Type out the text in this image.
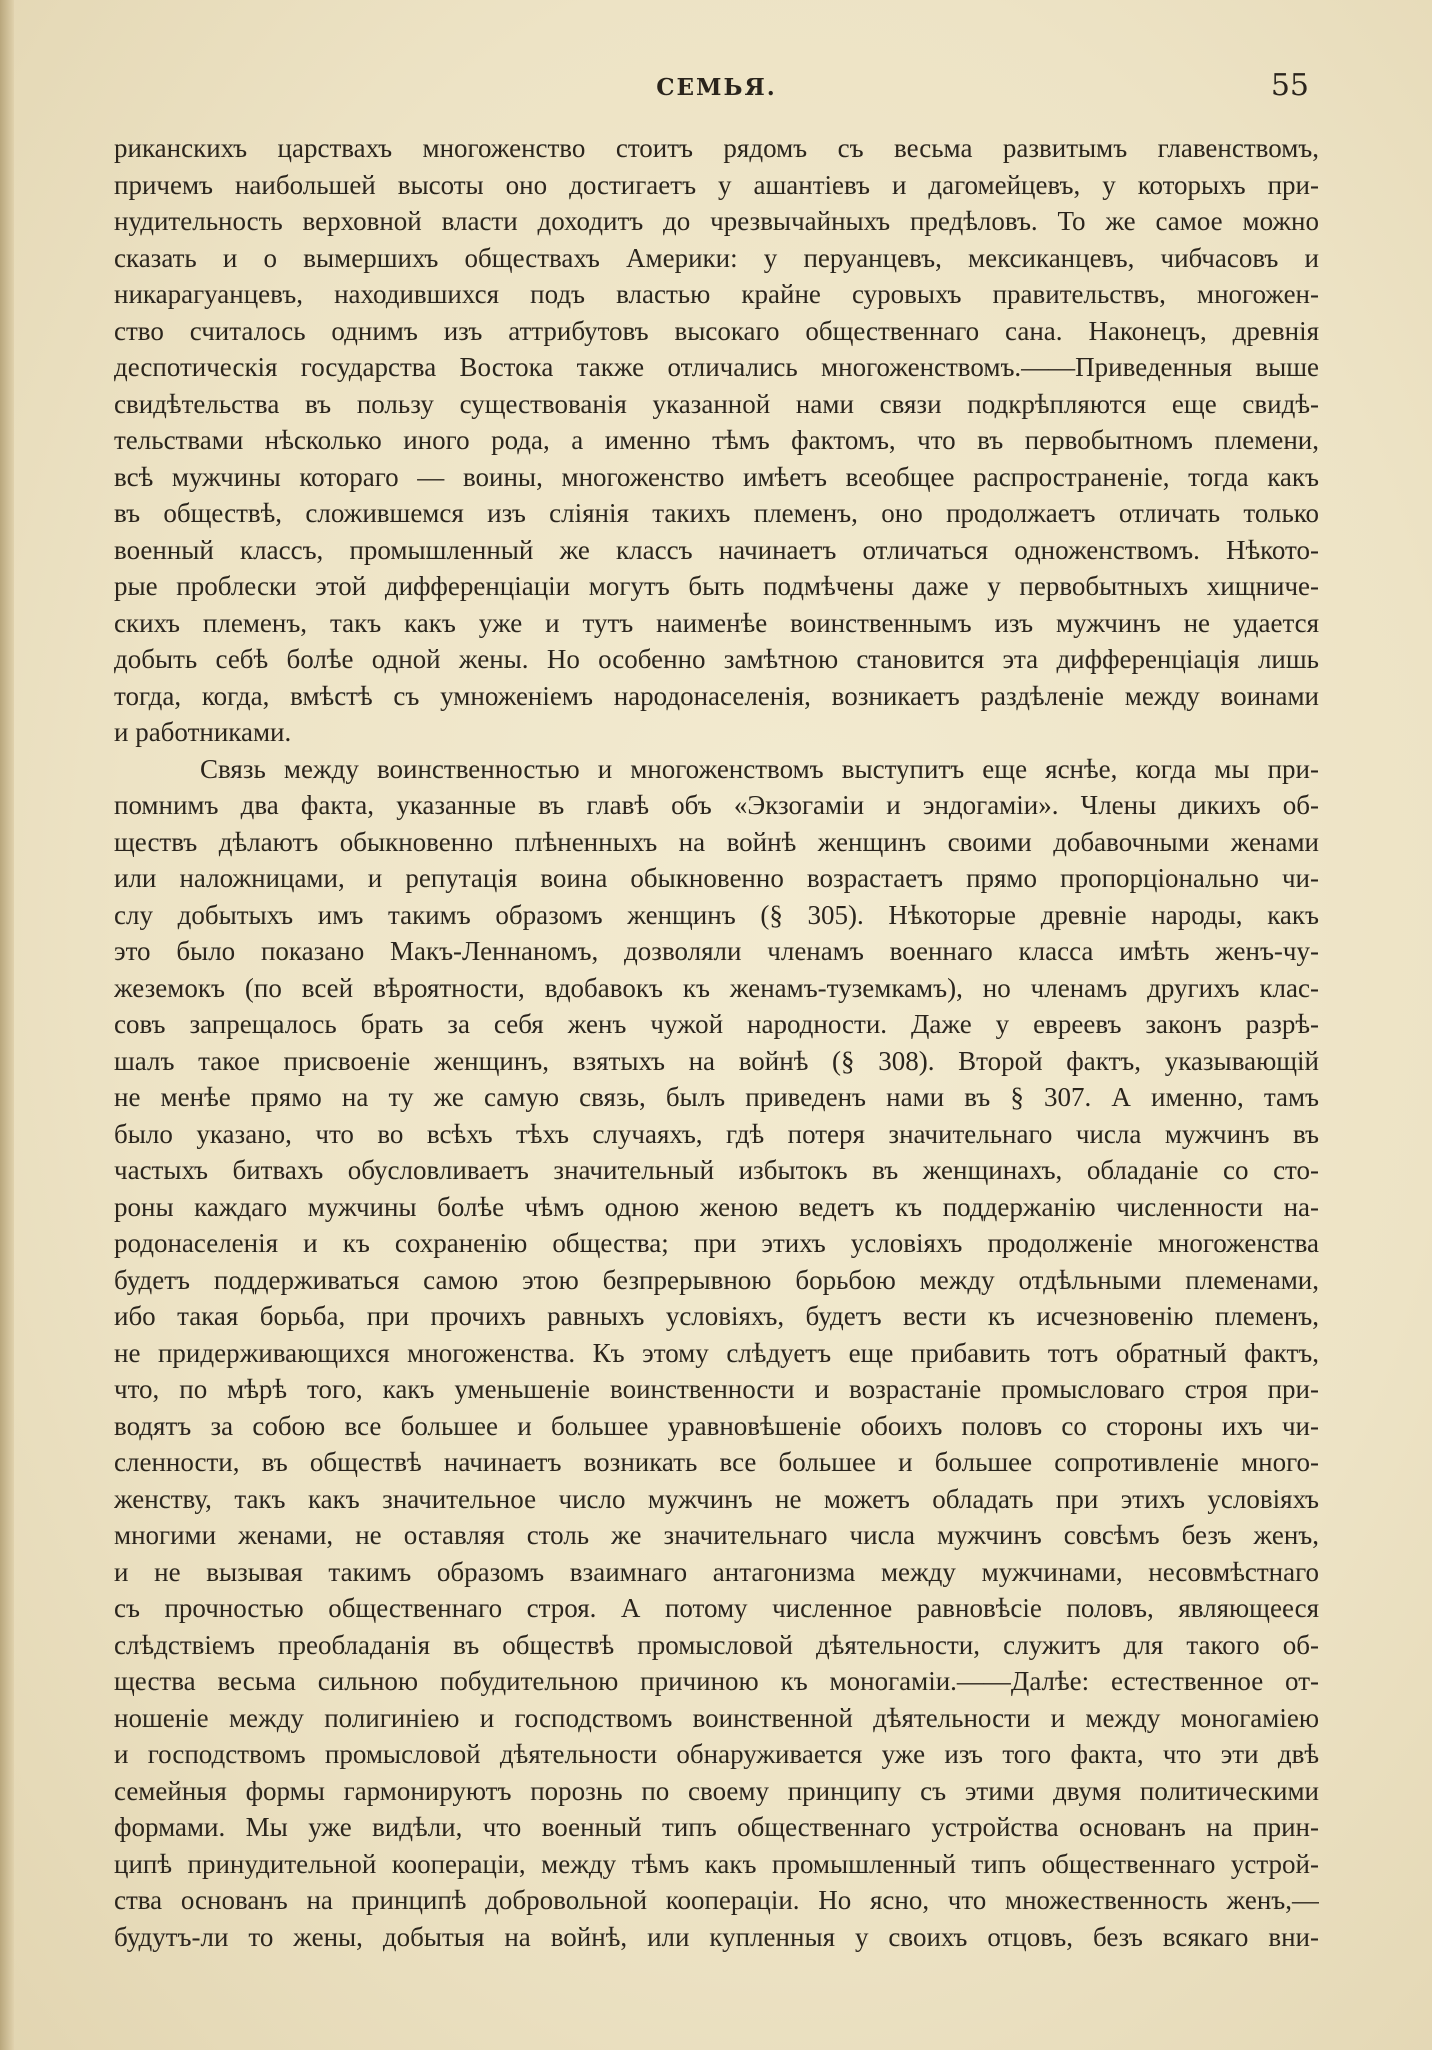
СЕМЬЯ.	55
риканскихъ царствахъ многоженство стоитъ рядомъ съ весьма развитымъ главенствомъ,
причемъ наибольшей высоты оно достигаетъ у ашантіевъ и дагомейцевъ, у которыхъ при-
нудительность верховной власти доходитъ до чрезвычайныхъ предѣловъ. То же самое можно
сказать и о вымершихъ обществахъ Америки: у перуанцевъ, мексиканцевъ, чибчасовъ и
никарагуанцевъ, находившихся подъ властью крайне суровыхъ правительствъ, многожен-
ство считалось однимъ изъ аттрибутовъ высокаго общественнаго сана. Наконецъ, древнія
деспотическія государства Востока также отличались многоженствомъ.——Приведенныя выше
свидѣтельства въ пользу существованія указанной нами связи подкрѣпляются еще свидѣ-
тельствами нѣсколько иного рода, а именно тѣмъ фактомъ, что въ первобытномъ племени,
всѣ мужчины котораго — воины, многоженство имѣетъ всеобщее распространеніе, тогда какъ
въ обществѣ, сложившемся изъ слiянія такихъ племенъ, оно продолжаетъ отличать только
военный классъ, промышленный же классъ начинаетъ отличаться одноженствомъ. Нѣкото-
рые проблески этой дифференціаціи могутъ быть подмѣчены даже у первобытныхъ хищниче-
скихъ племенъ, такъ какъ уже и тутъ наименѣе воинственнымъ изъ мужчинъ не удается
добыть себѣ болѣе одной жены. Но особенно замѣтною становится эта дифференціація лишь
тогда, когда, вмѣстѣ съ умноженіемъ народонаселенія, возникаетъ раздѣленіе между воинами
и работниками.
Связь между воинственностью и многоженствомъ выступитъ еще яснѣе, когда мы при-
помнимъ два факта, указанные въ главѣ объ «Экзогаміи и эндогаміи». Члены дикихъ об-
ществъ дѣлаютъ обыкновенно плѣненныхъ на войнѣ женщинъ своими добавочными женами
или наложницами, и репутація воина обыкновенно возрастаетъ прямо пропорціонально чи-
слу добытыхъ имъ такимъ образомъ женщинъ (§ 305). Нѣкоторые древніе народы, какъ
это было показано Макъ-Леннаномъ, дозволяли членамъ военнаго класса имѣть женъ-чу-
жеземокъ (по всей вѣроятности, вдобавокъ къ женамъ-туземкамъ), но членамъ другихъ клас-
совъ запрещалось брать за себя женъ чужой народности. Даже у евреевъ законъ разрѣ-
шалъ такое присвоеніе женщинъ, взятыхъ на войнѣ (§ 308). Второй фактъ, указывающій
не менѣе прямо на ту же самую связь, былъ приведенъ нами въ § 307. А именно, тамъ
было указано, что во всѣхъ тѣхъ случаяхъ, гдѣ потеря значительнаго числа мужчинъ въ
частыхъ битвахъ обусловливаетъ значительный избытокъ въ женщинахъ, обладаніе со сто-
роны каждаго мужчины болѣе чѣмъ одною женою ведетъ къ поддержанію численности на-
родонаселенія и къ сохраненію общества; при этихъ условіяхъ продолженіе многоженства
будетъ поддерживаться самою этою безпрерывною борьбою между отдѣльными племенами,
ибо такая борьба, при прочихъ равныхъ условіяхъ, будетъ вести къ исчезновенію племенъ,
не придерживающихся многоженства. Къ этому слѣдуетъ еще прибавить тотъ обратный фактъ,
что, по мѣрѣ того, какъ уменьшеніе воинственности и возрастаніе промысловаго строя при-
водятъ за собою все большее и большее уравновѣшеніе обоихъ половъ со стороны ихъ чи-
сленности, въ обществѣ начинаетъ возникать все большее и большее сопротивленіе много-
женству, такъ какъ значительное число мужчинъ не можетъ обладать при этихъ условіяхъ
многими женами, не оставляя столь же значительнаго числа мужчинъ совсѣмъ безъ женъ,
и не вызывая такимъ образомъ взаимнаго антагонизма между мужчинами, несовмѣстнаго
съ прочностью общественнаго строя. А потому численное равновѣсіе половъ, являющееся
слѣдствіемъ преобладанія въ обществѣ промысловой дѣятельности, служитъ для такого об-
щества весьма сильною побудительною причиною къ моногаміи.——Далѣе: естественное от-
ношеніе между полигиніею и господствомъ воинственной дѣятельности и между моногаміею
и господствомъ промысловой дѣятельности обнаруживается уже изъ того факта, что эти двѣ
семейныя формы гармонируютъ порознь по своему принципу съ этими двумя политическими
формами. Мы уже видѣли, что военный типъ общественнаго устройства основанъ на прин-
ципѣ принудительной коопераціи, между тѣмъ какъ промышленный типъ общественнаго устрой-
ства основанъ на принципѣ добровольной коопераціи. Но ясно, что множественность женъ,—
будутъ-ли то жены, добытыя на войнѣ, или купленныя у своихъ отцовъ, безъ всякаго вни-
